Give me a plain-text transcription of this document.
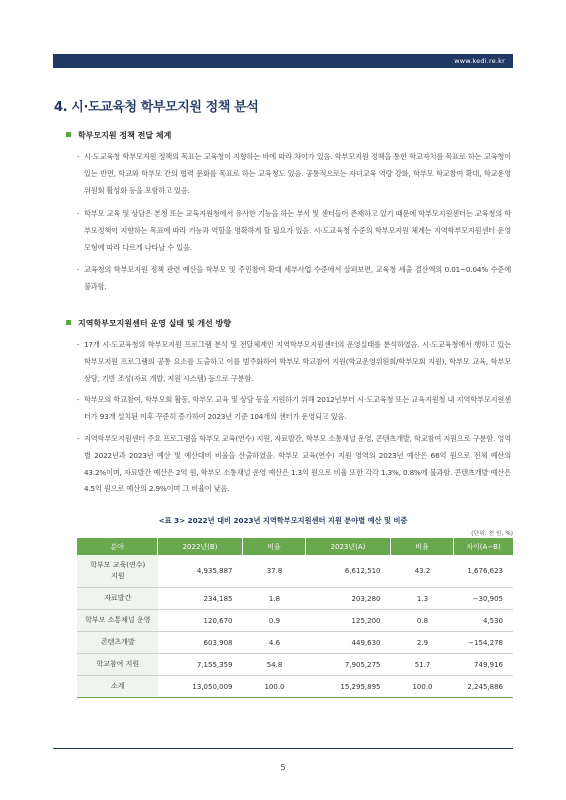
www.kedi.re.kr
4. 시·도교육청 학부모지원 정책 분석
학부모지원 정책 전달 체계
- 시·도교육청 학부모지원 정책의 목표는 교육청이 지향하는 바에 따라 차이가 있음. 학부모지원 정책을 통한 학교자치를 목표로 하는 교육청이 있는 반면, 학교와 학부모 간의 협력 문화를 목표로 하는 교육청도 있음. 공통적으로는 자녀교육 역량 강화, 학부모 학교참여 확대, 학교운영위원회 활성화 등을 포함하고 있음.
- 학부모 교육 및 상담은 본청 또는 교육지원청에서 유사한 기능을 하는 부서 및 센터들이 존재하고 있기 때문에 학부모지원센터는 교육청의 학부모정책이 지향하는 목표에 따라 기능과 역할을 명확하게 할 필요가 있음. 시·도교육청 수준의 학부모지원 체계는 지역학부모지원센터 운영 모형에 따라 다르게 나타날 수 있음.
- 교육청의 학부모지원 정책 관련 예산을 학부모 및 주민참여 확대 세부사업 수준에서 살펴보면, 교육청 세출 결산액의 0.01~0.04% 수준에 불과함.
지역학부모지원센터 운영 실태 및 개선 방향
- 17개 시·도교육청의 학부모지원 프로그램 분석 및 전달체계인 지역학부모지원센터의 운영실태를 분석하였음. 시·도교육청에서 행하고 있는 학부모지원 프로그램의 공통 요소를 도출하고 이를 범주화하여 학부모 학교참여 지원(학교운영위원회/학부모회 지원), 학부모 교육, 학부모 상담, 기반 조성(자료 개발, 지원 시스템) 등으로 구분함.
- 학부모의 학교참여, 학부모회 활동, 학부모 교육 및 상담 등을 지원하기 위해 2012년부터 시·도교육청 또는 교육지원청 내 지역학부모지원센터가 93개 설치된 이후 꾸준히 증가하여 2023년 기준 104개의 센터가 운영되고 있음.
- 지역학부모지원센터 주요 프로그램을 학부모 교육(연수) 지원, 자료발간, 학부모 소통채널 운영, 콘텐츠개발, 학교참여 지원으로 구분함. 영역별 2022년과 2023년 예산 및 예산대비 비율을 산출하였음. 학부모 교육(연수) 지원 영역의 2023년 예산은 66억 원으로 전체 예산의 43.2%이며, 자료발간 예산은 2억 원, 학부모 소통채널 운영 예산은 1.3억 원으로 비율 또한 각각 1.3%, 0.8%에 불과함. 콘텐츠개발 예산은 4.5억 원으로 예산의 2.9%이며 그 비율이 낮음.
<표 3> 2022년 대비 2023년 지역학부모지원센터 지원 분야별 예산 및 비중
(단위: 천 원, %)
분야	2022년(B)	비율	2023년(A)	비율	차이(A−B)
학부모 교육(연수)
지원	4,935,887	37.8	6,612,510	43.2	1,676,623
자료발간	234,185	1.8	203,280	1.3	−30,905
학부모 소통채널 운영	120,670	0.9	125,200	0.8	4,530
콘텐츠개발	603,908	4.6	449,630	2.9	−154,278
학교참여 지원	7,155,359	54.8	7,905,275	51.7	749,916
소계	13,050,009	100.0	15,295,895	100.0	2,245,886
5
